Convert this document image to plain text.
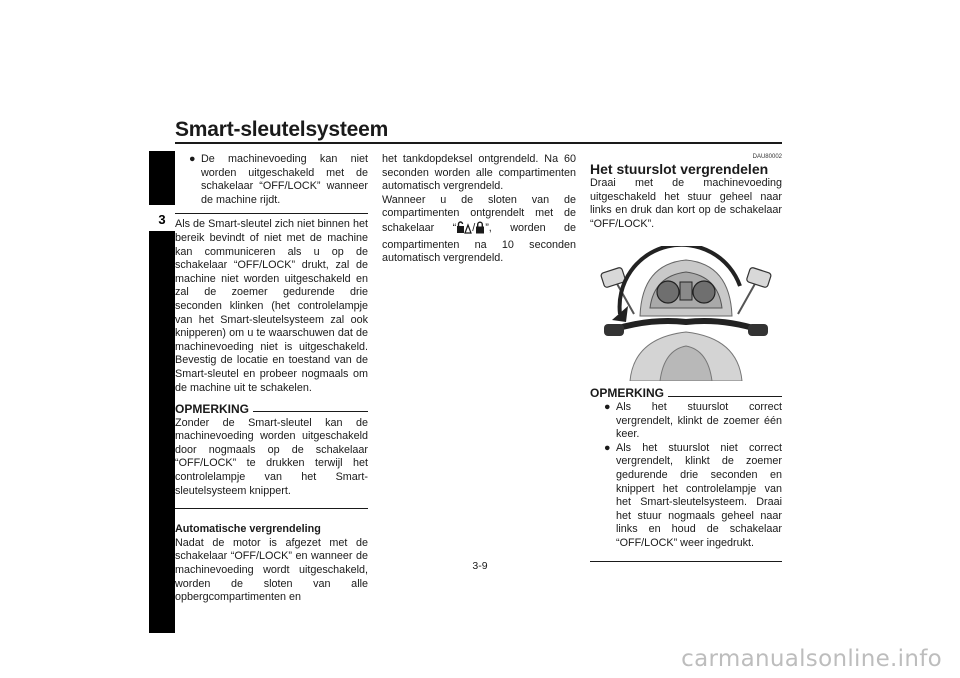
Smart-sleutelsysteem
3
● De machinevoeding kan niet worden uitgeschakeld met de schakelaar “OFF/LOCK” wanneer de machine rijdt.

Als de Smart-sleutel zich niet binnen het bereik bevindt of niet met de machine kan communiceren als u op de schakelaar “OFF/LOCK” drukt, zal de machine niet worden uitgeschakeld en zal de zoemer gedurende drie seconden klinken (het controlelampje van het Smart-sleutelsysteem zal ook knipperen) om u te waarschuwen dat de machinevoeding niet is uitgeschakeld. Bevestig de locatie en toestand van de Smart-sleutel en probeer nogmaals om de machine uit te schakelen.

OPMERKING

Zonder de Smart-sleutel kan de machinevoeding worden uitgeschakeld door nogmaals op de schakelaar “OFF/LOCK” te drukken terwijl het controlelampje van het Smart-sleutelsysteem knippert.

Automatische vergrendeling

Nadat de motor is afgezet met de schakelaar “OFF/LOCK” en wanneer de machinevoeding wordt uitgeschakeld, worden de sloten van alle opbergcompartimenten en

het tankdopdeksel ontgrendeld. Na 60 seconden worden alle compartimenten automatisch vergrendeld.

Wanneer u de sloten van de compartimenten ontgrendelt met de schakelaar “ / ”, worden de compartimenten na 10 seconden automatisch vergrendeld.

DAU80002
Het stuurslot vergrendelen

Draai met de machinevoeding uitgeschakeld het stuur geheel naar links en druk dan kort op de schakelaar “OFF/LOCK”.

OPMERKING
● Als het stuurslot correct vergrendelt, klinkt de zoemer één keer.
● Als het stuurslot niet correct vergrendelt, klinkt de zoemer gedurende drie seconden en knippert het controlelampje van het Smart-sleutelsysteem. Draai het stuur nogmaals geheel naar links en houd de schakelaar “OFF/LOCK” weer ingedrukt.
3-9
carmanualsonline.info
